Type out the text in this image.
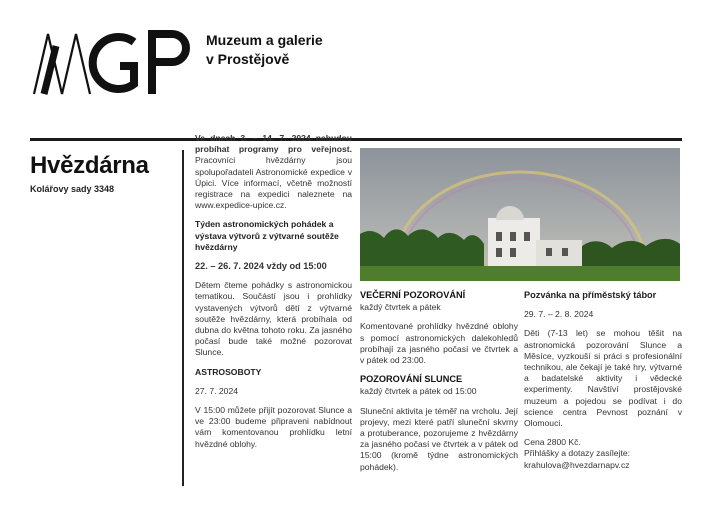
Muzeum a galerie
v Prostějově
Hvězdárna
Kolářovy sady 3348

Ve dnech 3. – 14. 7. 2024 nebudou probíhat programy pro veřejnost. Pracovníci hvězdárny jsou spolupořadateli Astronomické expedice v Úpici. Více informací, včetně možností registrace na expedici naleznete na www.expedice-upice.cz.

Týden astronomických pohádek a výstava výtvorů z výtvarné soutěže hvězdárny

22. – 26. 7. 2024 vždy od 15:00

Dětem čteme pohádky s astronomickou tematikou. Součástí jsou i prohlídky vystavených výtvorů dětí z výtvarné soutěže hvězdárny, která probíhala od dubna do května tohoto roku. Za jasného počasí bude také možné pozorovat Slunce.

ASTROSOBOTY

27. 7. 2024

V 15:00 můžete přijít pozorovat Slunce a ve 23:00 budeme připraveni nabídnout vám komentovanou prohlídku letní hvězdné oblohy.

VEČERNÍ POZOROVÁNÍ

každý čtvrtek a pátek

Komentované prohlídky hvězdné oblohy s pomocí astronomických dalekohledů probíhají za jasného počasí ve čtvrtek a v pátek od 23:00.

POZOROVÁNÍ SLUNCE

každý čtvrtek a pátek od 15:00

Sluneční aktivita je téměř na vrcholu. Její projevy, mezi které patří sluneční skvrny a protuberance, pozorujeme z hvězdárny za jasného počasí ve čtvrtek a v pátek od 15:00 (kromě týdne astronomických pohádek).

Pozvánka na příměstský tábor

29. 7. – 2. 8. 2024

Děti (7-13 let) se mohou těšit na astronomická pozorování Slunce a Měsíce, vyzkouší si práci s profesionální technikou, ale čekají je také hry, výtvarné a badatelské aktivity i vědecké experimenty. Navštíví prostějovské muzeum a pojedou se podívat i do science centra Pevnost poznání v Olomouci.

Cena 2800 Kč.
Přihlášky a dotazy zasílejte:
krahulova@hvezdarnapv.cz
